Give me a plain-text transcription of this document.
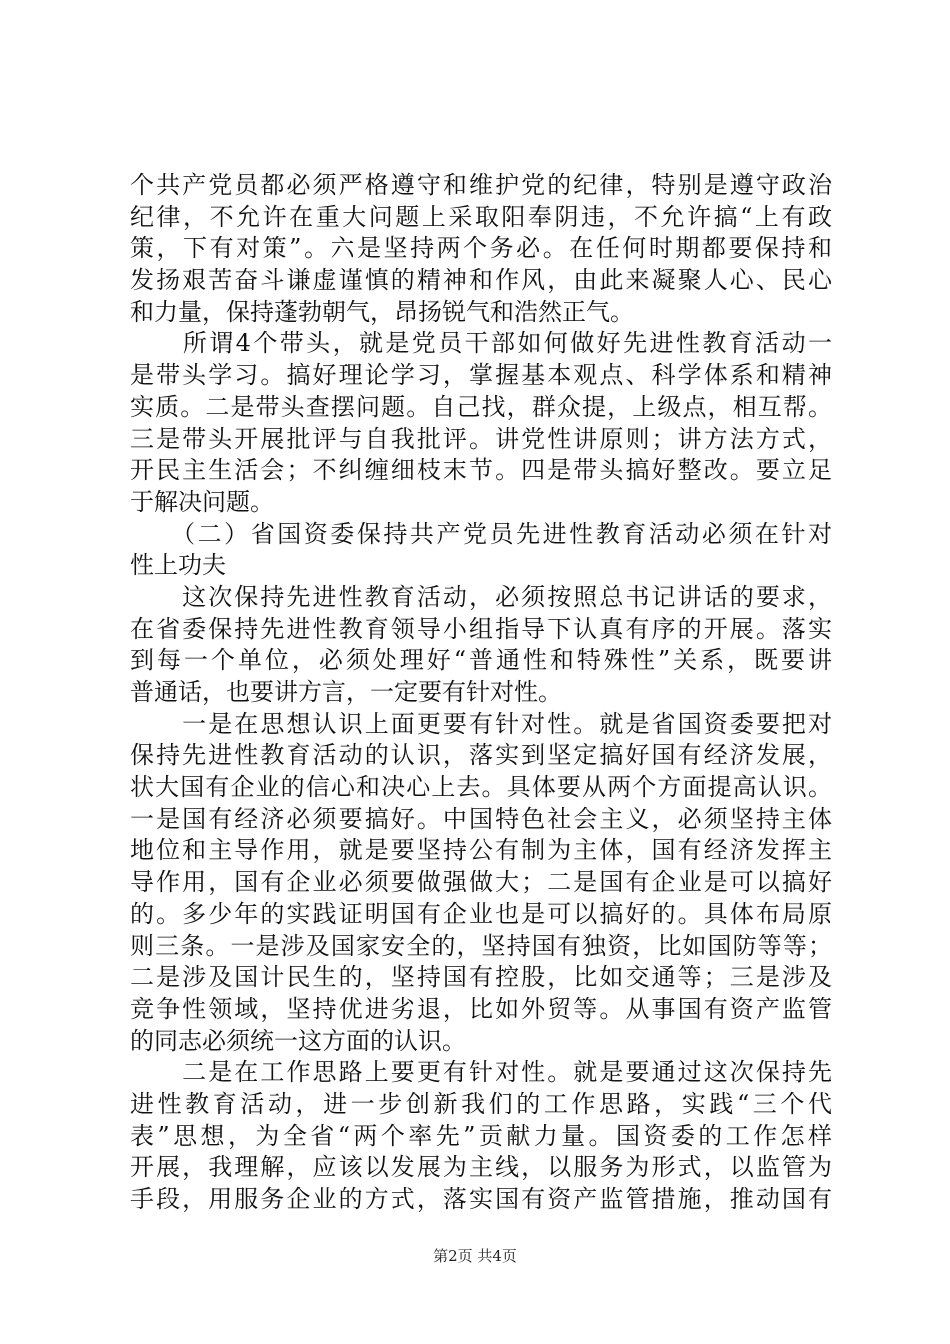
个共产党员都必须严格遵守和维护党的纪律，特别是遵守政治
纪律，不允许在重大问题上采取阳奉阴违，不允许搞“上有政
策，下有对策”。六是坚持两个务必。在任何时期都要保持和
发扬艰苦奋斗谦虚谨慎的精神和作风，由此来凝聚人心、民心
和力量，保持蓬勃朝气，昂扬锐气和浩然正气。
　　所谓4个带头，就是党员干部如何做好先进性教育活动一
是带头学习。搞好理论学习，掌握基本观点、科学体系和精神
实质。二是带头查摆问题。自己找，群众提，上级点，相互帮。
三是带头开展批评与自我批评。讲党性讲原则；讲方法方式，
开民主生活会；不纠缠细枝末节。四是带头搞好整改。要立足
于解决问题。
　　（二）省国资委保持共产党员先进性教育活动必须在针对
性上功夫
　　这次保持先进性教育活动，必须按照总书记讲话的要求，
在省委保持先进性教育领导小组指导下认真有序的开展。落实
到每一个单位，必须处理好“普通性和特殊性”关系，既要讲
普通话，也要讲方言，一定要有针对性。
　　一是在思想认识上面更要有针对性。就是省国资委要把对
保持先进性教育活动的认识，落实到坚定搞好国有经济发展，
状大国有企业的信心和决心上去。具体要从两个方面提高认识。
一是国有经济必须要搞好。中国特色社会主义，必须坚持主体
地位和主导作用，就是要坚持公有制为主体，国有经济发挥主
导作用，国有企业必须要做强做大；二是国有企业是可以搞好
的。多少年的实践证明国有企业也是可以搞好的。具体布局原
则三条。一是涉及国家安全的，坚持国有独资，比如国防等等；
二是涉及国计民生的，坚持国有控股，比如交通等；三是涉及
竞争性领域，坚持优进劣退，比如外贸等。从事国有资产监管
的同志必须统一这方面的认识。
　　二是在工作思路上要更有针对性。就是要通过这次保持先
进性教育活动，进一步创新我们的工作思路，实践“三个代
表”思想，为全省“两个率先”贡献力量。国资委的工作怎样
开展，我理解，应该以发展为主线，以服务为形式，以监管为
手段，用服务企业的方式，落实国有资产监管措施，推动国有
第2页 共4页
